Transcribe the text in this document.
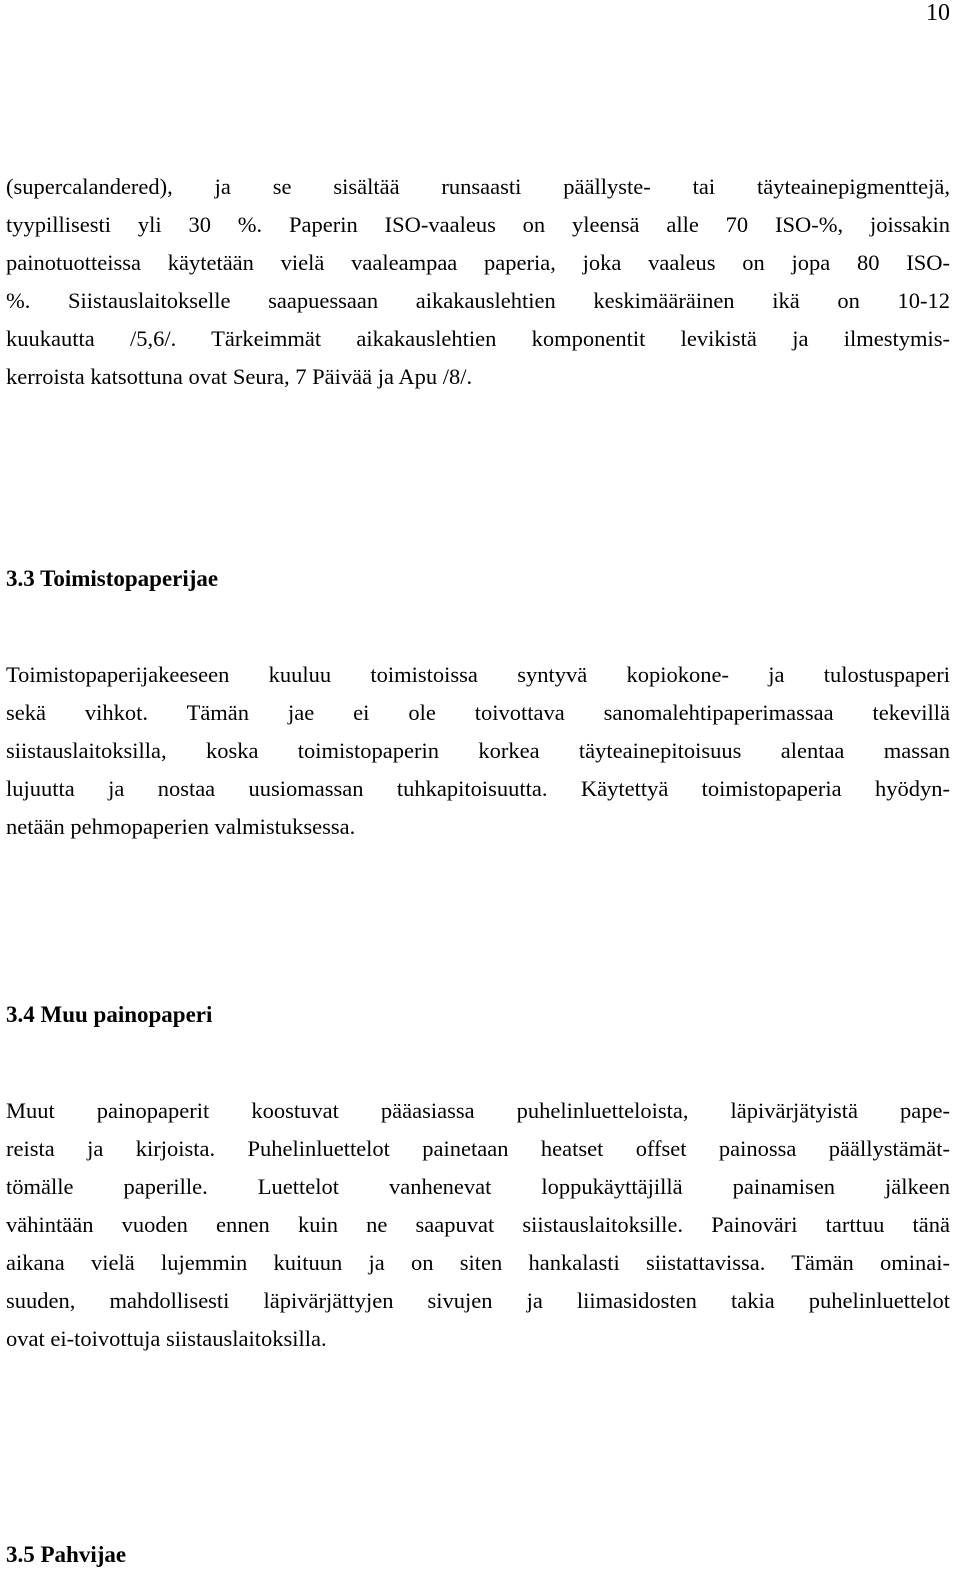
10

(supercalandered), ja se sisältää runsaasti päällyste- tai täyteainepigmenttejä,
tyypillisesti yli 30 %. Paperin ISO-vaaleus on yleensä alle 70 ISO-%, joissakin
painotuotteissa käytetään vielä vaaleampaa paperia, joka vaaleus on jopa 80 ISO-
%. Siistauslaitokselle saapuessaan aikakauslehtien keskimääräinen ikä on 10-12
kuukautta /5,6/. Tärkeimmät aikakauslehtien komponentit levikistä ja ilmestymis-
kerroista katsottuna ovat Seura, 7 Päivää ja Apu /8/.

3.3 Toimistopaperijae

Toimistopaperijakeeseen kuuluu toimistoissa syntyvä kopiokone- ja tulostuspaperi
sekä vihkot. Tämän jae ei ole toivottava sanomalehtipaperimassaa tekevillä
siistauslaitoksilla, koska toimistopaperin korkea täyteainepitoisuus alentaa massan
lujuutta ja nostaa uusiomassan tuhkapitoisuutta. Käytettyä toimistopaperia hyödyn-
netään pehmopaperien valmistuksessa.

3.4 Muu painopaperi

Muut painopaperit koostuvat pääasiassa puhelinluetteloista, läpivärjätyistä pape-
reista ja kirjoista. Puhelinluettelot painetaan heatset offset painossa päällystämät-
tömälle paperille. Luettelot vanhenevat loppukäyttäjillä painamisen jälkeen
vähintään vuoden ennen kuin ne saapuvat siistauslaitoksille. Painoväri tarttuu tänä
aikana vielä lujemmin kuituun ja on siten hankalasti siistattavissa. Tämän ominai-
suuden, mahdollisesti läpivärjättyjen sivujen ja liimasidosten takia puhelinluettelot
ovat ei-toivottuja siistauslaitoksilla.

3.5 Pahvijae
